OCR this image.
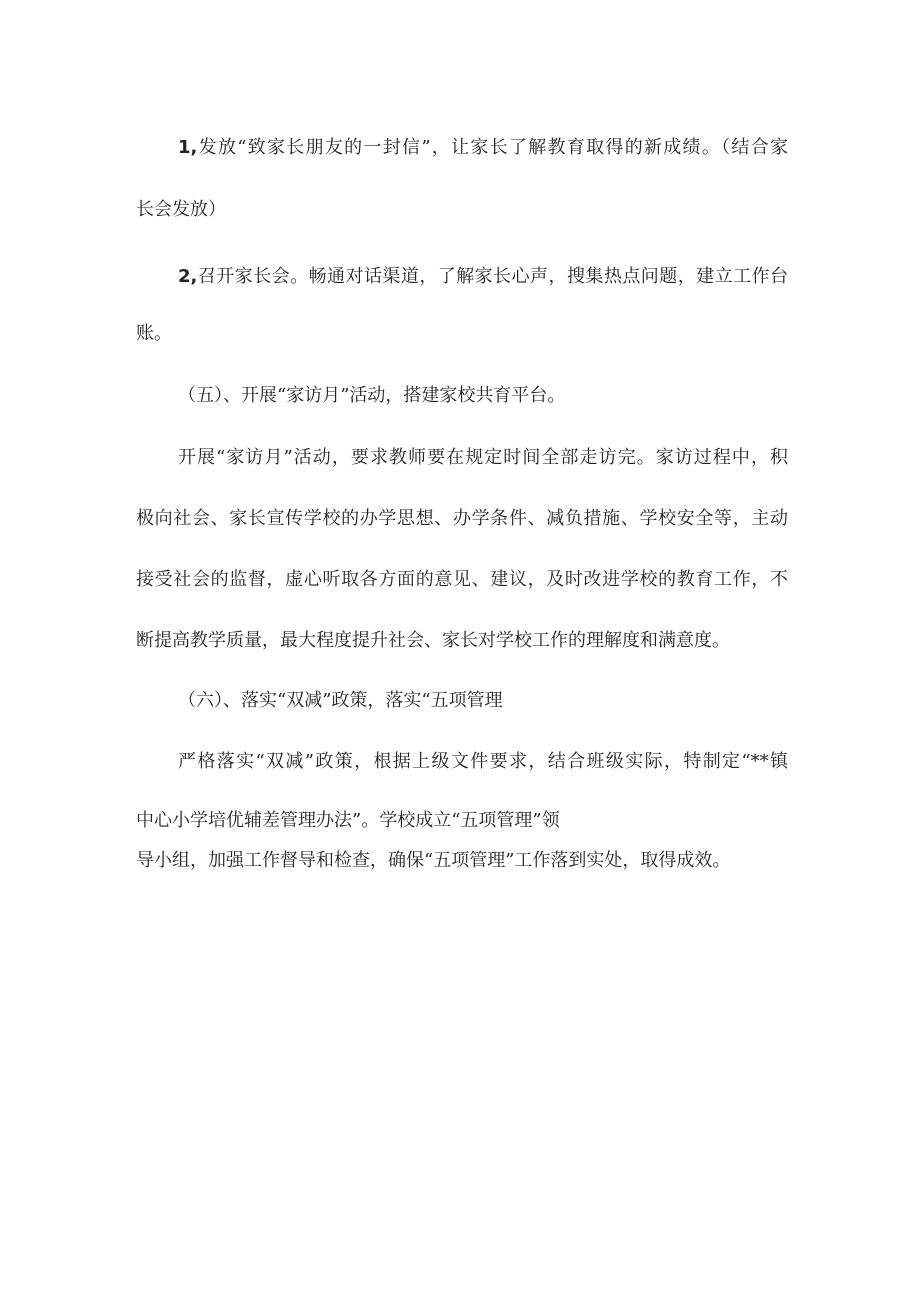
1,发放“致家长朋友的一封信”，让家长了解教育取得的新成绩。（结合家
长会发放）
2,召开家长会。畅通对话渠道，了解家长心声，搜集热点问题，建立工作台
账。
（五）、开展“家访月”活动，搭建家校共育平台。
开展“家访月”活动，要求教师要在规定时间全部走访完。家访过程中，积
极向社会、家长宣传学校的办学思想、办学条件、减负措施、学校安全等，主动
接受社会的监督，虚心听取各方面的意见、建议，及时改进学校的教育工作，不
断提高教学质量，最大程度提升社会、家长对学校工作的理解度和满意度。
（六）、落实“双减”政策，落实“五项管理
严格落实“双减”政策，根据上级文件要求，结合班级实际，特制定“**镇
中心小学培优辅差管理办法”。学校成立“五项管理”领
导小组，加强工作督导和检查，确保“五项管理”工作落到实处，取得成效。
